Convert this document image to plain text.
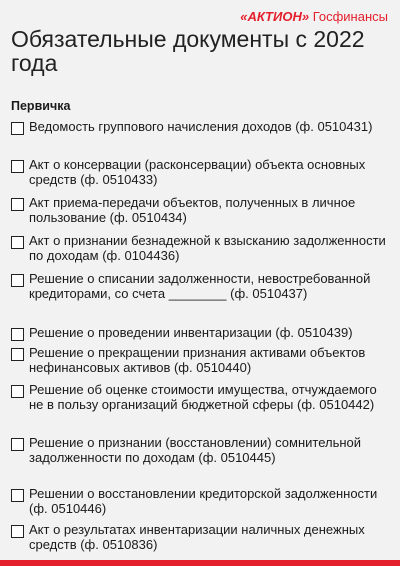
«АКТИОН» Госфинансы
Обязательные документы с 2022 года
Первичка
Ведомость группового начисления доходов (ф. 0510431)
Акт о консервации (расконсервации) объекта основных средств (ф. 0510433)
Акт приема-передачи объектов, полученных в личное пользование (ф. 0510434)
Акт о признании безнадежной к взысканию задолженности по доходам (ф. 0104436)
Решение о списании задолженности, невостребованной кредиторами, со счета ________ (ф. 0510437)
Решение о проведении инвентаризации (ф. 0510439)
Решение о прекращении признания активами объектов нефинансовых активов (ф. 0510440)
Решение об оценке стоимости имущества, отчуждаемого не в пользу организаций бюджетной сферы (ф. 0510442)
Решение о признании (восстановлении) сомнительной задолженности по доходам (ф. 0510445)
Решении о восстановлении кредиторской задолженности (ф. 0510446)
Акт о результатах инвентаризации наличных денежных средств (ф. 0510836)
